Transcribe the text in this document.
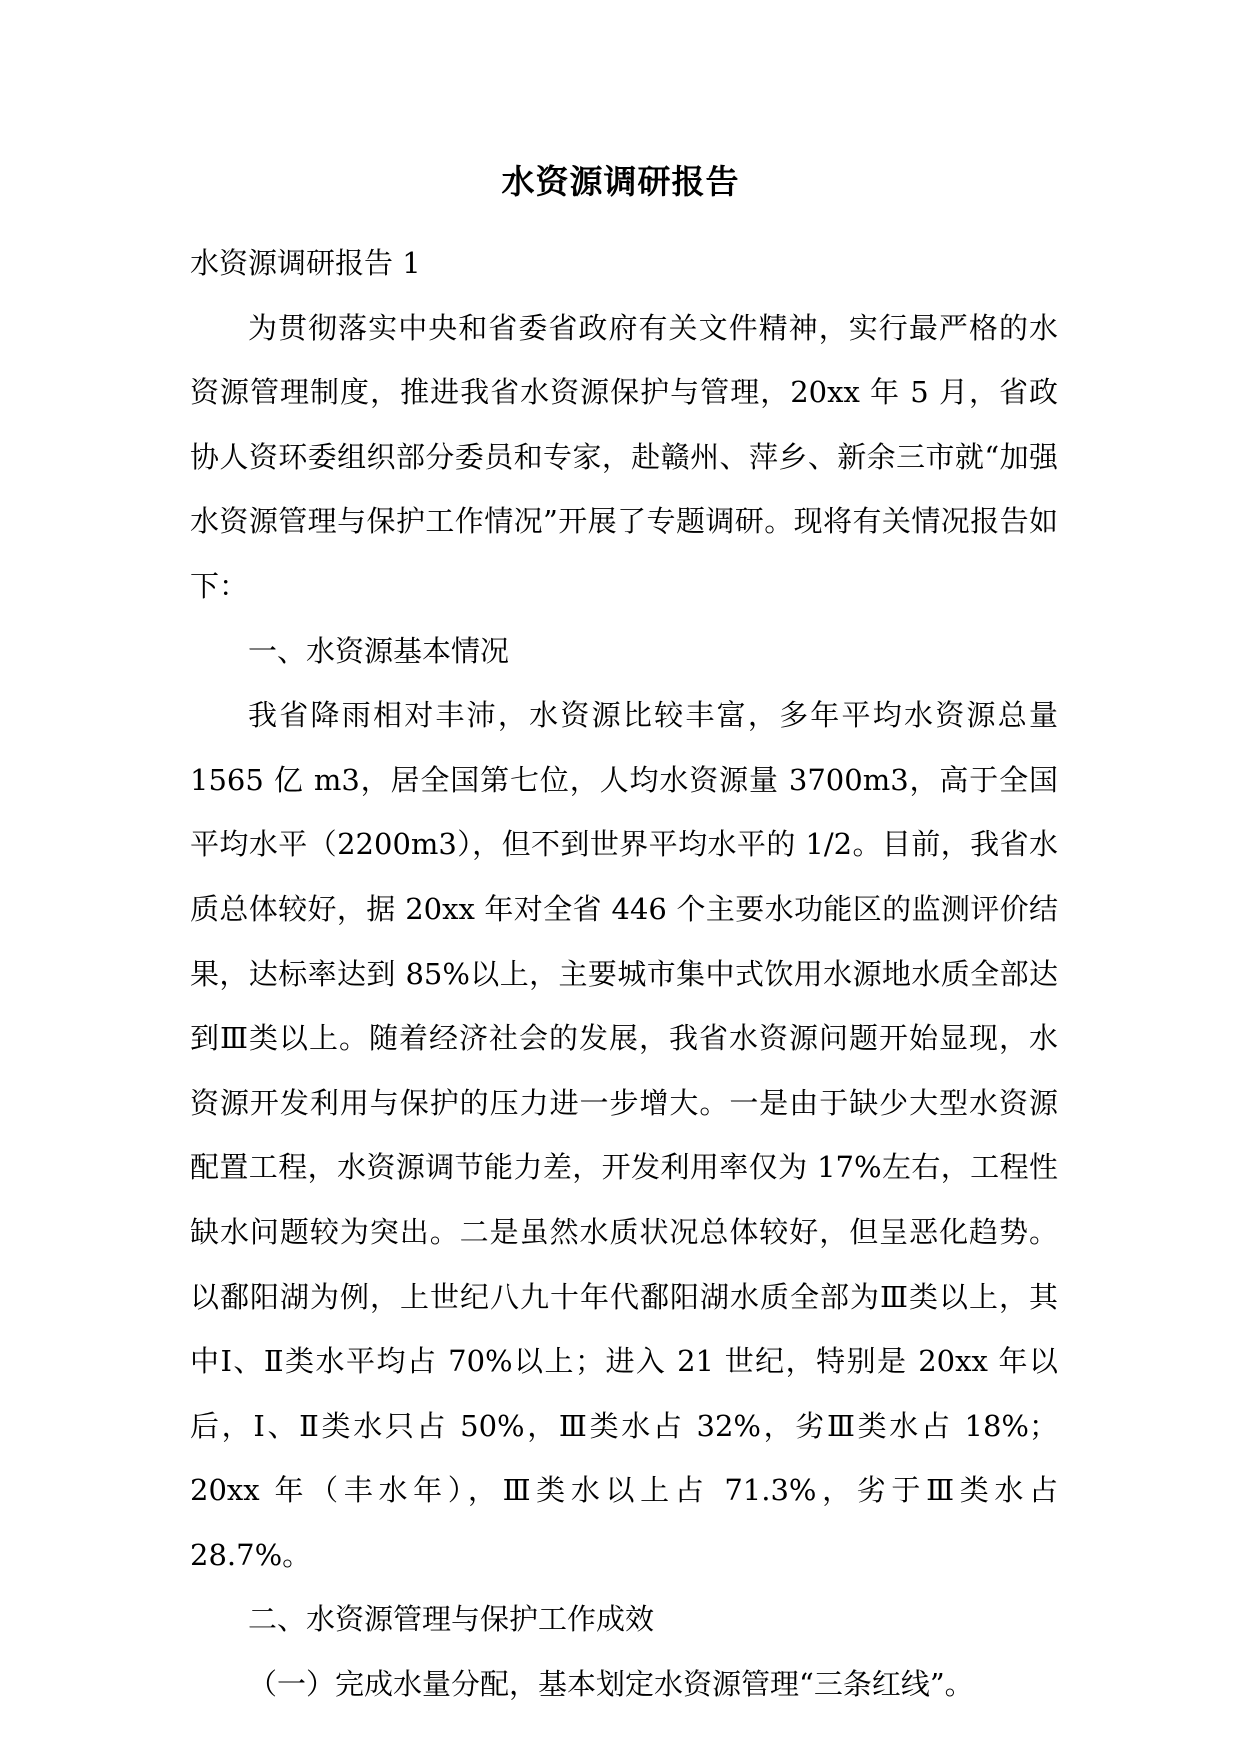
水资源调研报告

水资源调研报告 1

为贯彻落实中央和省委省政府有关文件精神，实行最严格的水资源管理制度，推进我省水资源保护与管理，20xx 年 5 月，省政协人资环委组织部分委员和专家，赴赣州、萍乡、新余三市就“加强水资源管理与保护工作情况”开展了专题调研。现将有关情况报告如下：

一、水资源基本情况

我省降雨相对丰沛，水资源比较丰富，多年平均水资源总量 1565 亿 m3，居全国第七位，人均水资源量 3700m3，高于全国平均水平（2200m3），但不到世界平均水平的 1/2。目前，我省水质总体较好，据 20xx 年对全省 446 个主要水功能区的监测评价结果，达标率达到 85%以上，主要城市集中式饮用水源地水质全部达到Ⅲ类以上。随着经济社会的发展，我省水资源问题开始显现，水资源开发利用与保护的压力进一步增大。一是由于缺少大型水资源配置工程，水资源调节能力差，开发利用率仅为 17%左右，工程性缺水问题较为突出。二是虽然水质状况总体较好，但呈恶化趋势。以鄱阳湖为例，上世纪八九十年代鄱阳湖水质全部为Ⅲ类以上，其中Ⅰ、Ⅱ类水平均占 70%以上；进入 21 世纪，特别是 20xx 年以后，Ⅰ、Ⅱ类水只占 50%，Ⅲ类水占 32%，劣Ⅲ类水占 18%；20xx 年（丰水年），Ⅲ类水以上占 71.3%，劣于Ⅲ类水占 28.7%。

二、水资源管理与保护工作成效

（一）完成水量分配，基本划定水资源管理“三条红线”。
